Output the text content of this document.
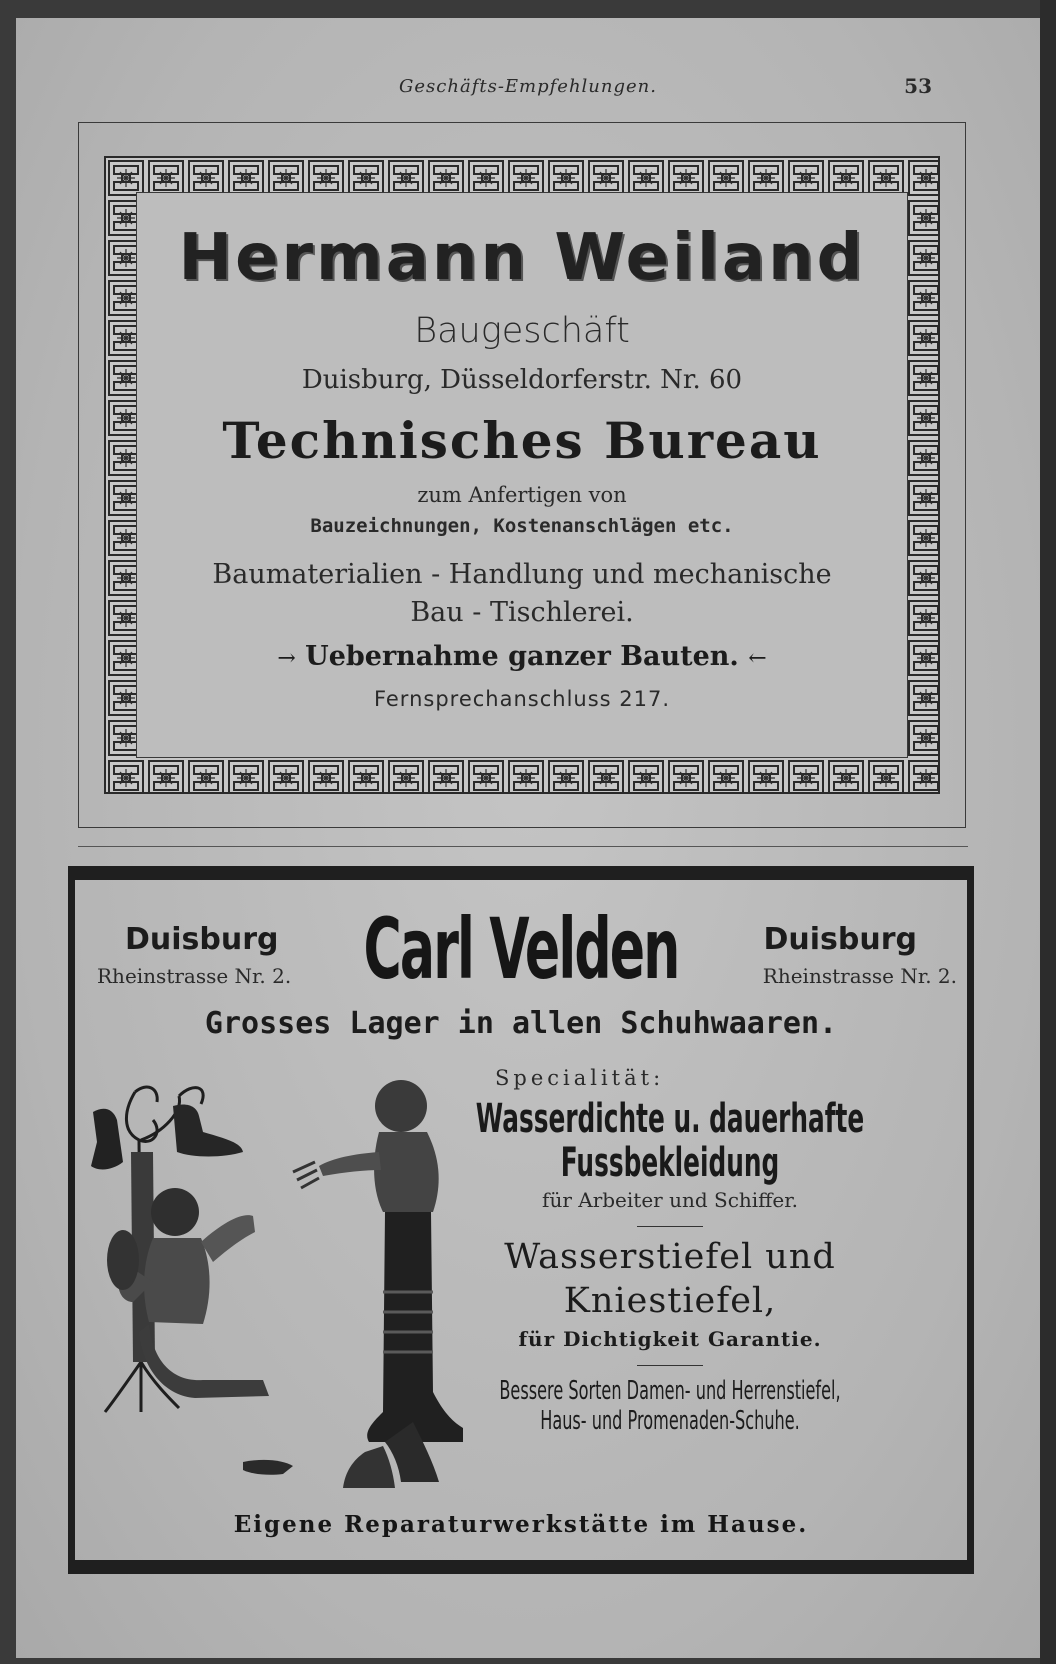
Geschäfts-Empfehlungen.	53
Hermann Weiland
Baugeschäft
Duisburg, Düsseldorferstr. Nr. 60
Technisches Bureau
zum Anfertigen von
Bauzeichnungen, Kostenanschlägen etc.
Baumaterialien - Handlung und mechanische
Bau - Tischlerei.
→ Uebernahme ganzer Bauten. ←
Fernsprechanschluss 217.
Duisburg
Rheinstrasse Nr. 2. Carl Velden	Duisburg
Rheinstrasse Nr. 2.
Grosses Lager in allen Schuhwaaren.
Specialität:
Wasserdichte u. dauerhafte
Fussbekleidung
für Arbeiter und Schiffer.
Wasserstiefel und
Kniestiefel,
für Dichtigkeit Garantie.
Bessere Sorten Damen- und Herrenstiefel,
Haus- und Promenaden-Schuhe.
Eigene Reparaturwerkstätte im Hause.
